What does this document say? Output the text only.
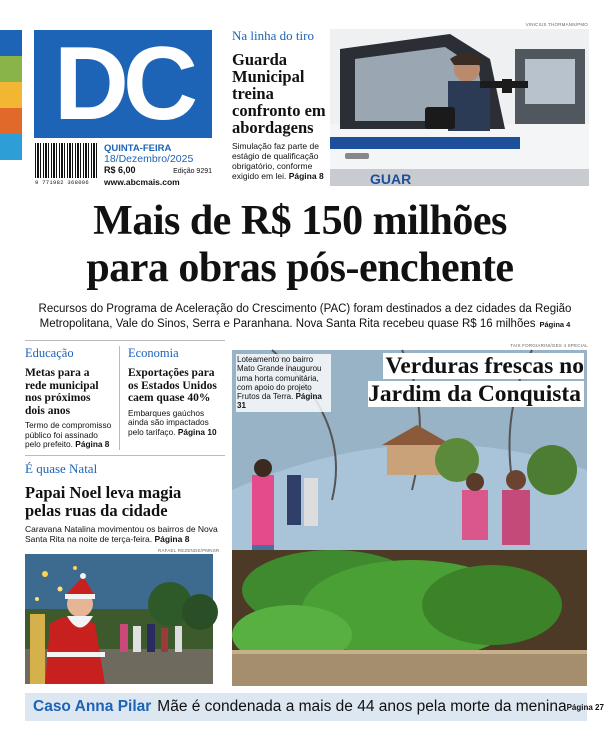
DC
9 771982 368006
QUINTA-FEIRA
18/Dezembro/2025
R$ 6,00	Edição 9291
www.abcmais.com
Na linha do tiro
Guarda Municipal treina confronto em abordagens

Simulação faz parte de estágio de qualificação obrigatório, conforme exigido em lei. Página 8

VINICIUS THORMANN/PMO
GUAR
Mais de R$ 150 milhões
para obras pós-enchente
Recursos do Programa de Aceleração do Crescimento (PAC) foram destinados a dez cidades da Região Metropolitana, Vale do Sinos, Serra e Paranhana. Nova Santa Rita recebeu quase R$ 16 milhões Página 4
Educação
Metas para a rede municipal nos próximos dois anos

Termo de compromisso público foi assinado pelo prefeito. Página 8

Economia
Exportações para os Estados Unidos caem quase 40%

Embarques gaúchos ainda são impactados pelo tarifaço. Página 10

É quase Natal
Papai Noel leva magia pelas ruas da cidade

Caravana Natalina movimentou os bairros de Nova Santa Rita na noite de terça-feira. Página 8

RAFAEL REZENDE/PMNSR
TAIS FORGIARINI/GES 4 SPECIAL
Loteamento no bairro Mato Grande inaugurou uma horta comunitária, com apoio do projeto Frutos da Terra. Página 31
Verduras frescas no Jardim da Conquista
Caso Anna Pilar Mãe é condenada a mais de 44 anos pela morte da menina Página 27
